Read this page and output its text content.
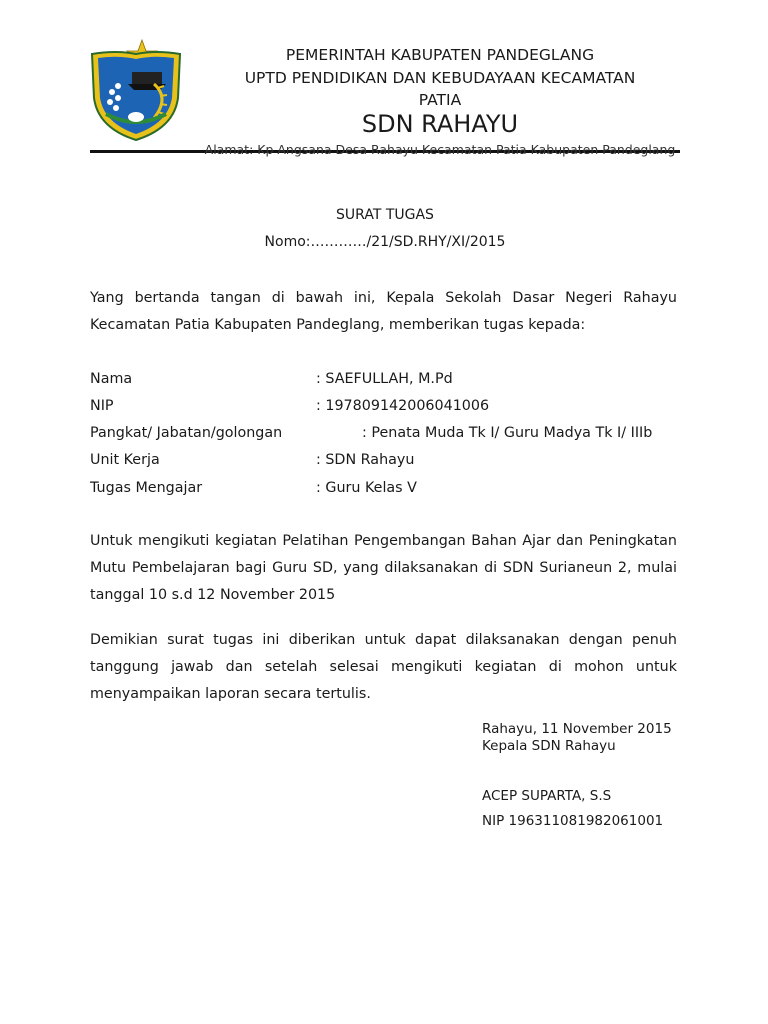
PEMERINTAH KABUPATEN PANDEGLANG
UPTD PENDIDIKAN DAN KEBUDAYAAN KECAMATAN
PATIA
SDN RAHAYU
Alamat: Kp Angsana Desa Rahayu Kecamatan Patia Kabupaten Pandeglang
SURAT TUGAS
Nomo:…………/21/SD.RHY/XI/2015
Yang bertanda tangan di bawah ini, Kepala Sekolah Dasar Negeri Rahayu Kecamatan Patia Kabupaten Pandeglang, memberikan tugas kepada:
Nama	: SAEFULLAH, M.Pd
NIP	: 197809142006041006
Pangkat/ Jabatan/golongan	: Penata Muda Tk I/ Guru Madya Tk I/ IIIb
Unit Kerja	: SDN Rahayu
Tugas Mengajar	: Guru Kelas V
Untuk mengikuti kegiatan Pelatihan Pengembangan Bahan Ajar dan Peningkatan Mutu Pembelajaran bagi Guru SD, yang dilaksanakan di SDN Surianeun 2, mulai tanggal 10 s.d 12 November 2015
Demikian surat tugas ini diberikan untuk dapat dilaksanakan dengan penuh tanggung jawab dan setelah selesai mengikuti kegiatan di mohon untuk menyampaikan laporan secara tertulis.
Rahayu, 11 November 2015
Kepala SDN Rahayu
ACEP SUPARTA, S.S
NIP 196311081982061001
